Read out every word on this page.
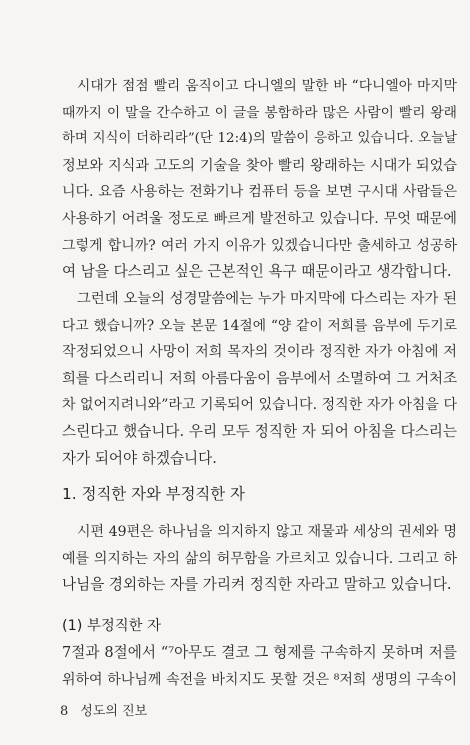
시대가 점점 빨리 움직이고 다니엘의 말한 바 “다니엘아 마지막
때까지 이 말을 간수하고 이 글을 봉함하라 많은 사람이 빨리 왕래
하며 지식이 더하리라”(단 12:4)의 말씀이 응하고 있습니다. 오늘날
정보와 지식과 고도의 기술을 찾아 빨리 왕래하는 시대가 되었습
니다. 요즘 사용하는 전화기나 컴퓨터 등을 보면 구시대 사람들은
사용하기 어려울 정도로 빠르게 발전하고 있습니다. 무엇 때문에
그렇게 합니까? 여러 가지 이유가 있겠습니다만 출세하고 성공하
여 남을 다스리고 싶은 근본적인 욕구 때문이라고 생각합니다.

그런데 오늘의 성경말씀에는 누가 마지막에 다스리는 자가 된
다고 했습니까? 오늘 본문 14절에 “양 같이 저희를 음부에 두기로
작정되었으니 사망이 저희 목자의 것이라 정직한 자가 아침에 저
희를 다스리리니 저희 아름다움이 음부에서 소멸하여 그 거처조
차 없어지려니와”라고 기록되어 있습니다. 정직한 자가 아침을 다
스린다고 했습니다. 우리 모두 정직한 자 되어 아침을 다스리는
자가 되어야 하겠습니다.

1. 정직한 자와 부정직한 자

시편 49편은 하나님을 의지하지 않고 재물과 세상의 권세와 명
예를 의지하는 자의 삶의 허무함을 가르치고 있습니다. 그리고 하
나님을 경외하는 자를 가리켜 정직한 자라고 말하고 있습니다.

(1) 부정직한 자

7절과 8절에서 “⁷아무도 결코 그 형제를 구속하지 못하며 저를
위하여 하나님께 속전을 바치지도 못할 것은 ⁸저희 생명의 구속이

8 성도의 진보
